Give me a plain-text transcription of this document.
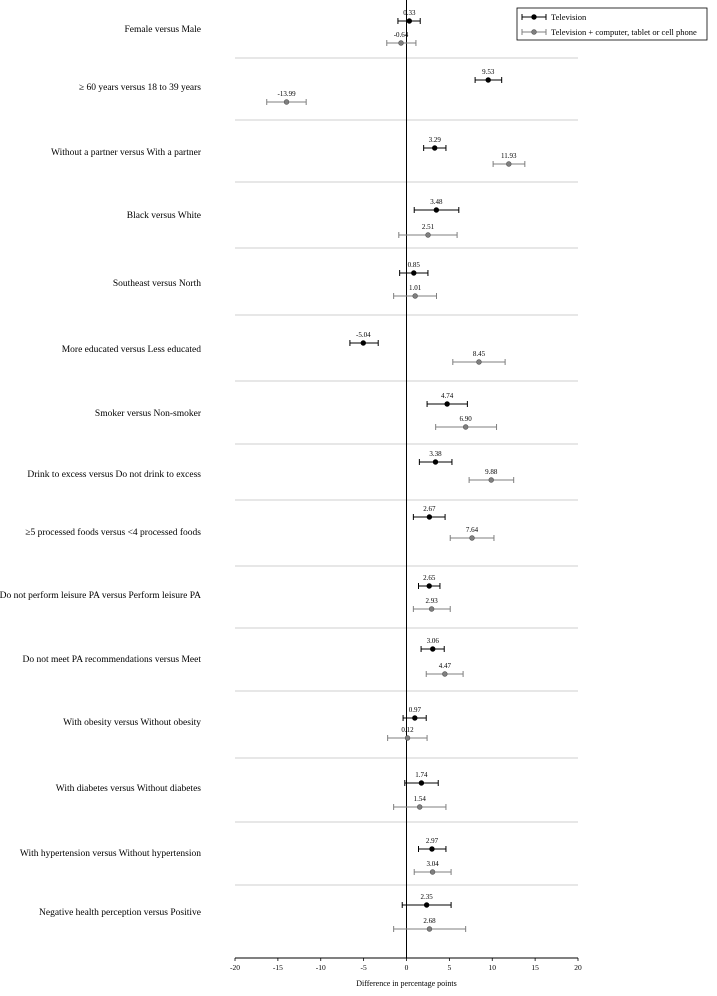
-20	-15	-10	-5	0	5	10	15	20
Difference in percentage points
Female versus Male
≥ 60 years versus 18 to 39 years
Without a partner versus With a partner
Black versus White
Southeast versus North
More educated versus Less educated
Smoker versus Non-smoker
Drink to excess versus Do not drink to excess
≥5 processed foods versus <4 processed foods
Do not perform leisure PA versus Perform leisure PA
Do not meet PA recommendations versus Meet
With obesity versus Without obesity
With diabetes versus Without diabetes
With hypertension versus Without hypertension
Negative health perception versus Positive
0.33
-0.64
9.53
-13.99
3.29
11.93
3.48
2.51
0.85
1.01
-5.04
8.45
4.74
6.90
3.38
9.88
2.67
7.64
2.65
2.93
3.06
4.47
0.97
0.12
1.74
1.54
2.97
3.04
2.35
2.68
Television
Television + computer, tablet or cell phone
